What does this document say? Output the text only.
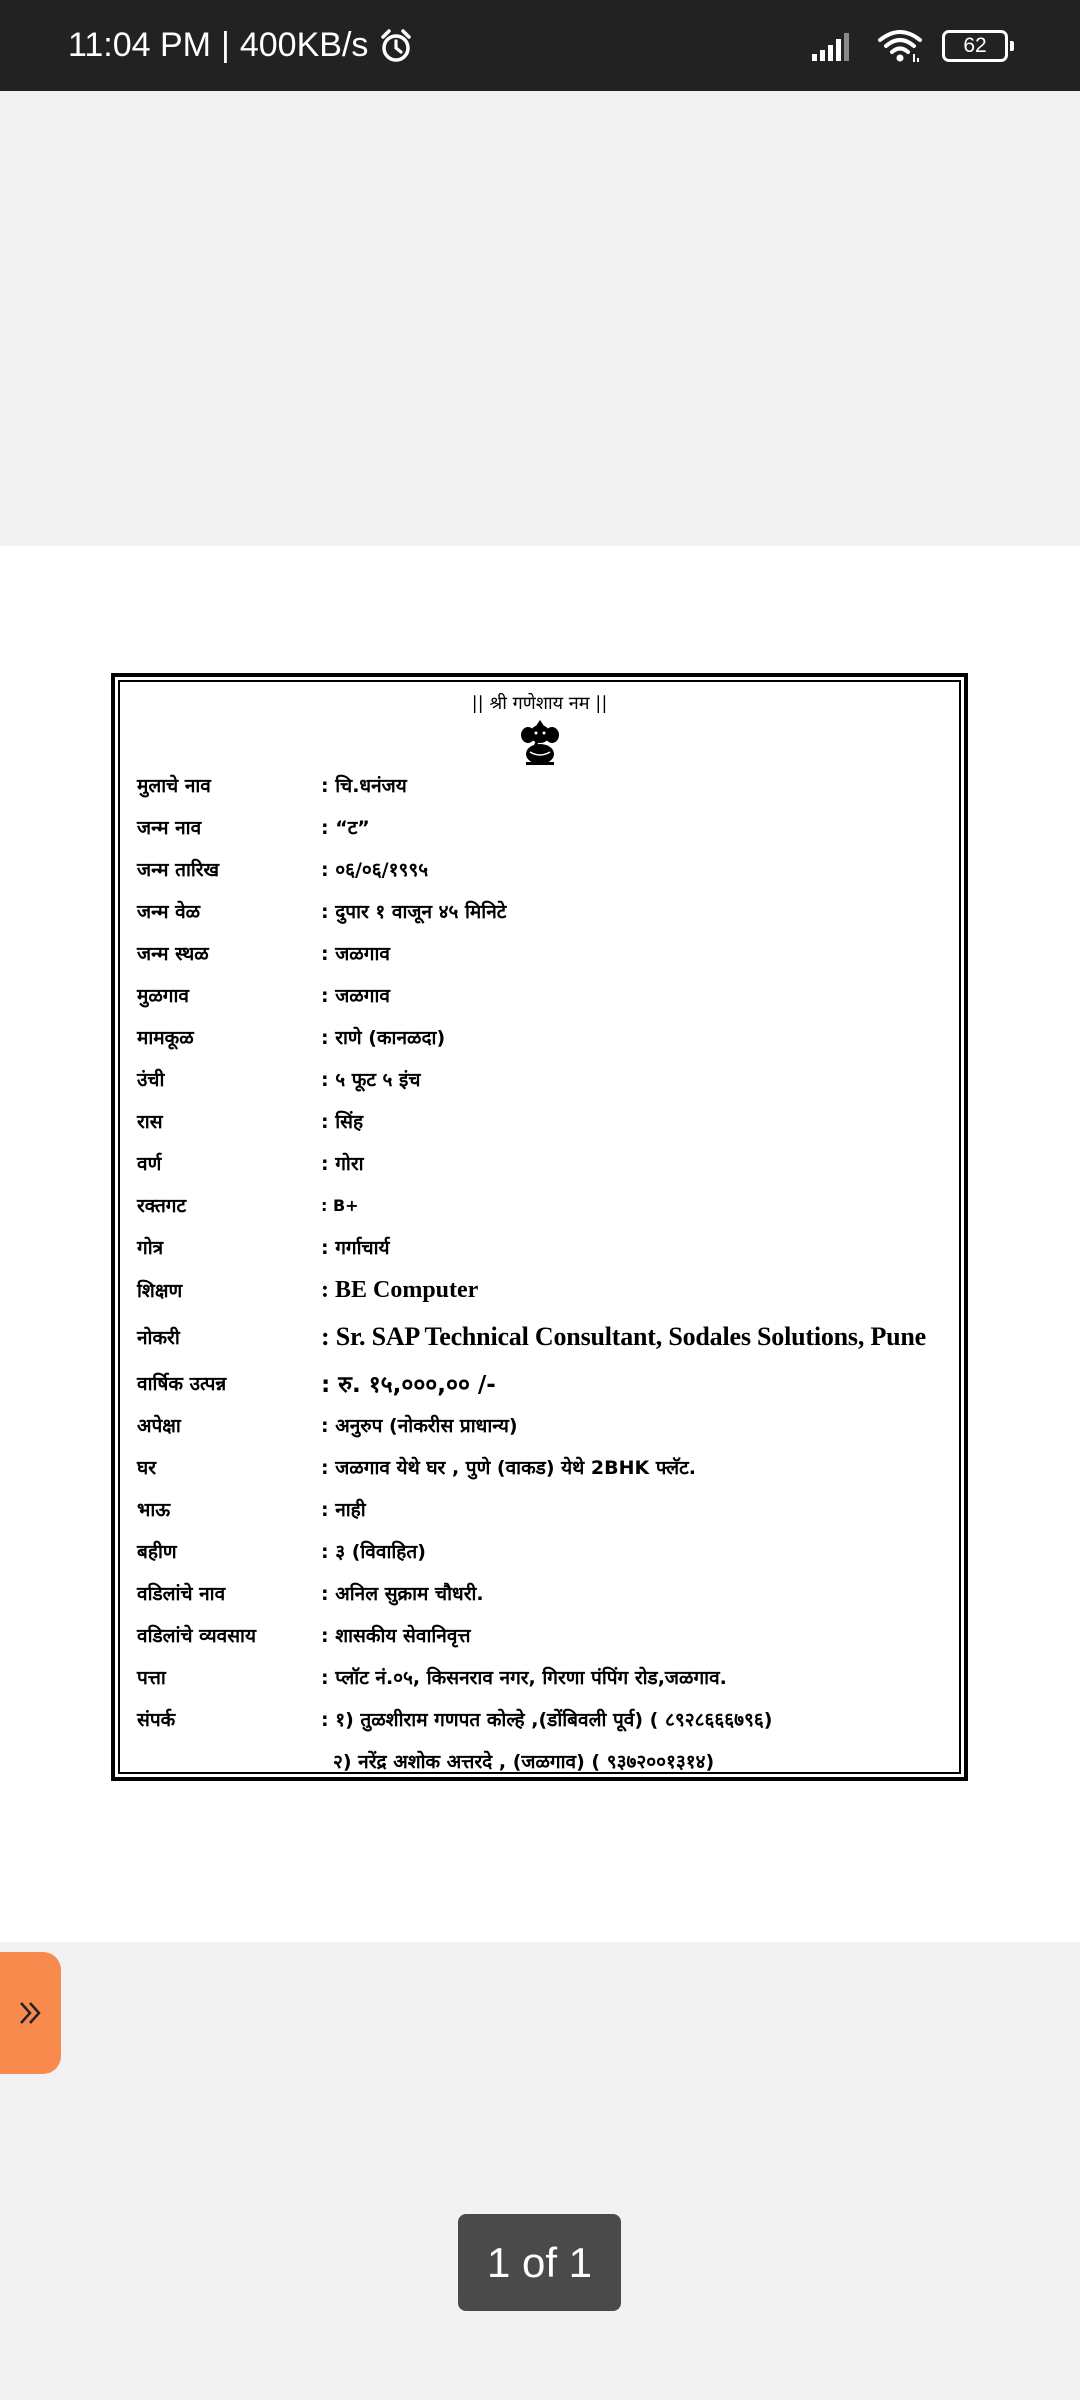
11:04 PM | 400KB/s	62
|| श्री गणेशाय नम ||
मुलाचे नाव	: चि.धनंजय
जन्म नाव	: “ट”
जन्म तारिख	: ०६/०६/१९९५
जन्म वेळ	: दुपार १ वाजून ४५ मिनिटे
जन्म स्थळ	: जळगाव
मुळगाव	: जळगाव
मामकूळ	: राणे (कानळदा)
उंची	: ५ फूट ५ इंच
रास	: सिंह
वर्ण	: गोरा
रक्तगट	: B+
गोत्र	: गर्गाचार्य
शिक्षण	: BE Computer
नोकरी	: Sr. SAP Technical Consultant, Sodales Solutions, Pune
वार्षिक उत्पन्न	: रु. १५,०००,०० /-
अपेक्षा	: अनुरुप (नोकरीस प्राधान्य)
घर	: जळगाव येथे घर , पुणे (वाकड) येथे 2BHK फ्लॅट.
भाऊ	: नाही
बहीण	: ३ (विवाहित)
वडिलांचे नाव	: अनिल सुक्राम चौधरी.
वडिलांचे व्यवसाय	: शासकीय सेवानिवृत्त
पत्ता	: प्लॉट नं.०५, किसनराव नगर, गिरणा पंपिंग रोड,जळगाव.
संपर्क	: १) तुळशीराम गणपत कोल्हे ,(डोंबिवली पूर्व) ( ८९२८६६६७९६)
२) नरेंद्र अशोक अत्तरदे , (जळगाव) ( ९३७२००१३१४)
1 of 1
